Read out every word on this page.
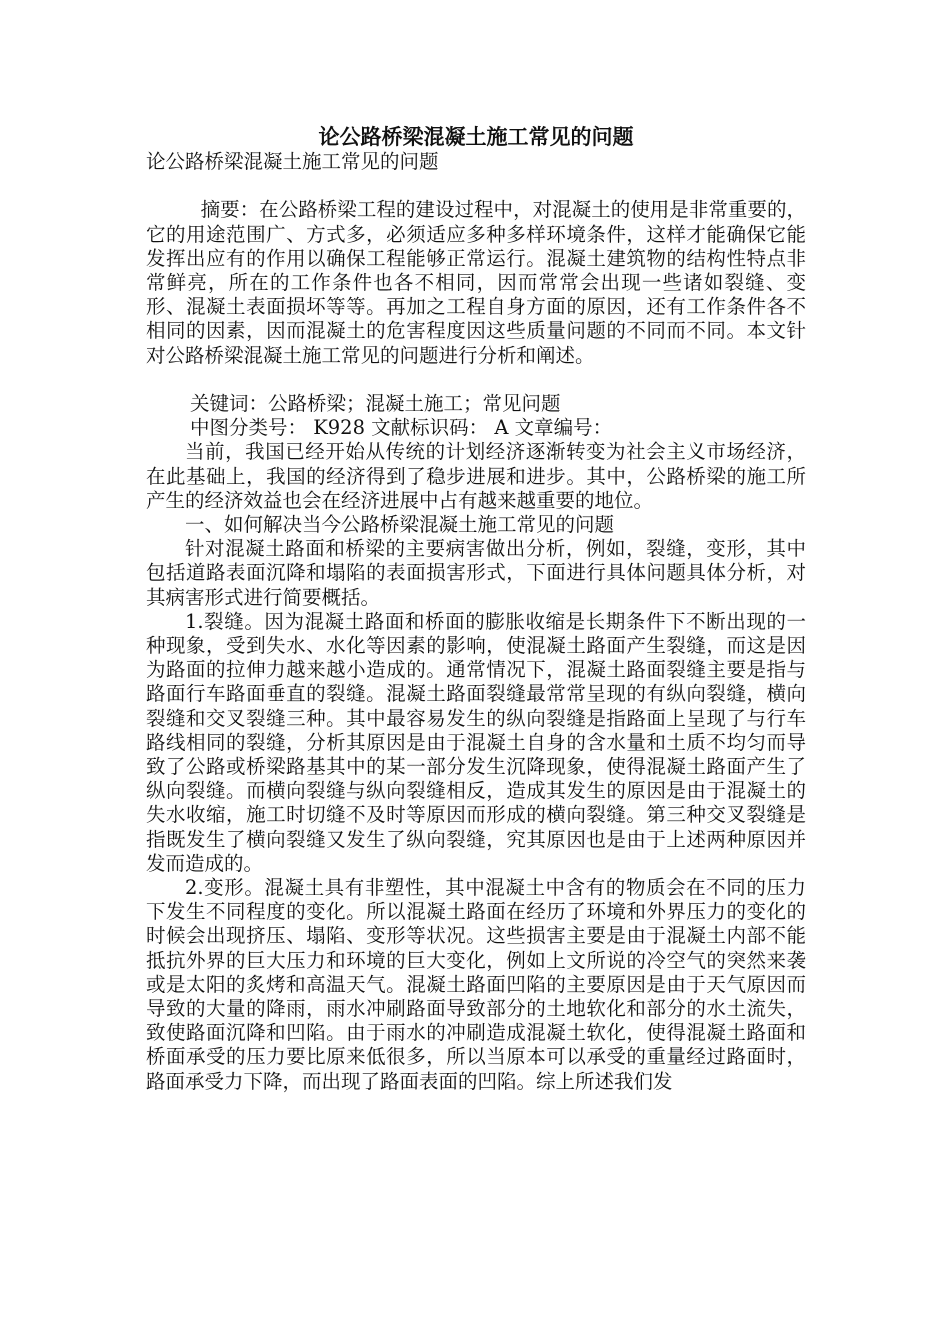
论公路桥梁混凝土施工常见的问题

论公路桥梁混凝土施工常见的问题

摘要：在公路桥梁工程的建设过程中，对混凝土的使用是非常重要的，它的用途范围广、方式多，必须适应多种多样环境条件，这样才能确保它能发挥出应有的作用以确保工程能够正常运行。混凝土建筑物的结构性特点非常鲜亮，所在的工作条件也各不相同，因而常常会出现一些诸如裂缝、变形、混凝土表面损坏等等。再加之工程自身方面的原因，还有工作条件各不相同的因素，因而混凝土的危害程度因这些质量问题的不同而不同。本文针对公路桥梁混凝土施工常见的问题进行分析和阐述。

关键词：公路桥梁；混凝土施工；常见问题

中图分类号： K928 文献标识码： A 文章编号：

当前，我国已经开始从传统的计划经济逐渐转变为社会主义市场经济，在此基础上，我国的经济得到了稳步进展和进步。其中，公路桥梁的施工所产生的经济效益也会在经济进展中占有越来越重要的地位。

一、如何解决当今公路桥梁混凝土施工常见的问题

针对混凝土路面和桥梁的主要病害做出分析，例如，裂缝，变形，其中包括道路表面沉降和塌陷的表面损害形式，下面进行具体问题具体分析，对其病害形式进行简要概括。

1.裂缝。因为混凝土路面和桥面的膨胀收缩是长期条件下不断出现的一种现象，受到失水、水化等因素的影响，使混凝土路面产生裂缝，而这是因为路面的拉伸力越来越小造成的。通常情况下，混凝土路面裂缝主要是指与路面行车路面垂直的裂缝。混凝土路面裂缝最常常呈现的有纵向裂缝，横向裂缝和交叉裂缝三种。其中最容易发生的纵向裂缝是指路面上呈现了与行车路线相同的裂缝，分析其原因是由于混凝土自身的含水量和土质不均匀而导致了公路或桥梁路基其中的某一部分发生沉降现象，使得混凝土路面产生了纵向裂缝。而横向裂缝与纵向裂缝相反，造成其发生的原因是由于混凝土的失水收缩，施工时切缝不及时等原因而形成的横向裂缝。第三种交叉裂缝是指既发生了横向裂缝又发生了纵向裂缝，究其原因也是由于上述两种原因并发而造成的。

2.变形。混凝土具有非塑性，其中混凝土中含有的物质会在不同的压力下发生不同程度的变化。所以混凝土路面在经历了环境和外界压力的变化的时候会出现挤压、塌陷、变形等状况。这些损害主要是由于混凝土内部不能抵抗外界的巨大压力和环境的巨大变化，例如上文所说的冷空气的突然来袭或是太阳的炙烤和高温天气。混凝土路面凹陷的主要原因是由于天气原因而导致的大量的降雨，雨水冲刷路面导致部分的土地软化和部分的水土流失，致使路面沉降和凹陷。由于雨水的冲刷造成混凝土软化，使得混凝土路面和桥面承受的压力要比原来低很多，所以当原本可以承受的重量经过路面时，路面承受力下降，而出现了路面表面的凹陷。综上所述我们发
